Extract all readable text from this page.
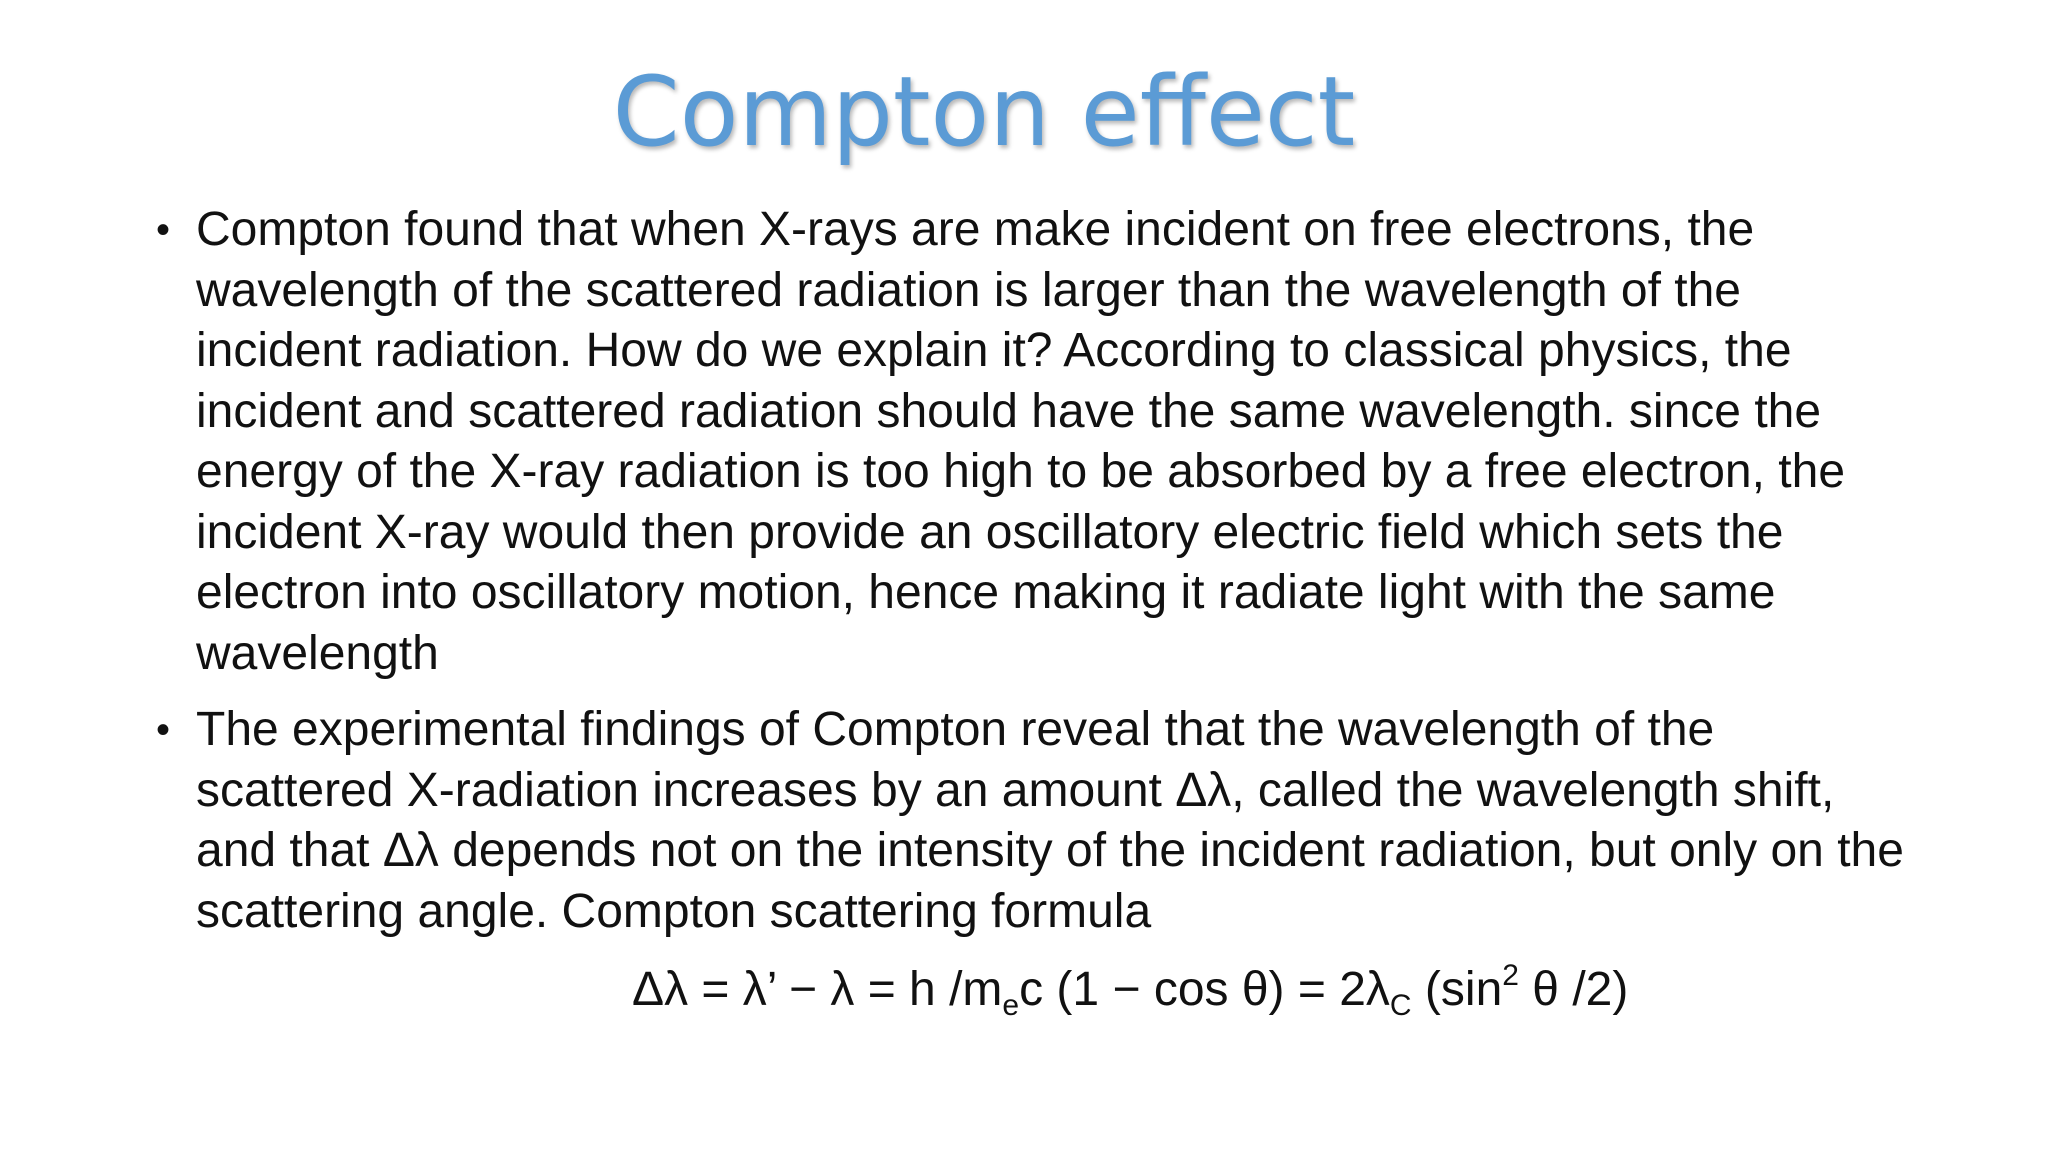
Compton effect
• Compton found that when X-rays are make incident on free electrons, the wavelength of the scattered radiation is larger than the wavelength of the incident radiation. How do we explain it? According to classical physics, the incident and scattered radiation should have the same wavelength. since the energy of the X-ray radiation is too high to be absorbed by a free electron, the incident X-ray would then provide an oscillatory electric field which sets the electron into oscillatory motion, hence making it radiate light with the same wavelength
• The experimental findings of Compton reveal that the wavelength of the scattered X-radiation increases by an amount Δλ, called the wavelength shift, and that Δλ depends not on the intensity of the incident radiation, but only on the scattering angle. Compton scattering formula
Δλ = λ’ − λ = h $/m_ec$ $(1 - \cos \theta) = 2\lambda_C$ ($\sin^2$ θ /2)
